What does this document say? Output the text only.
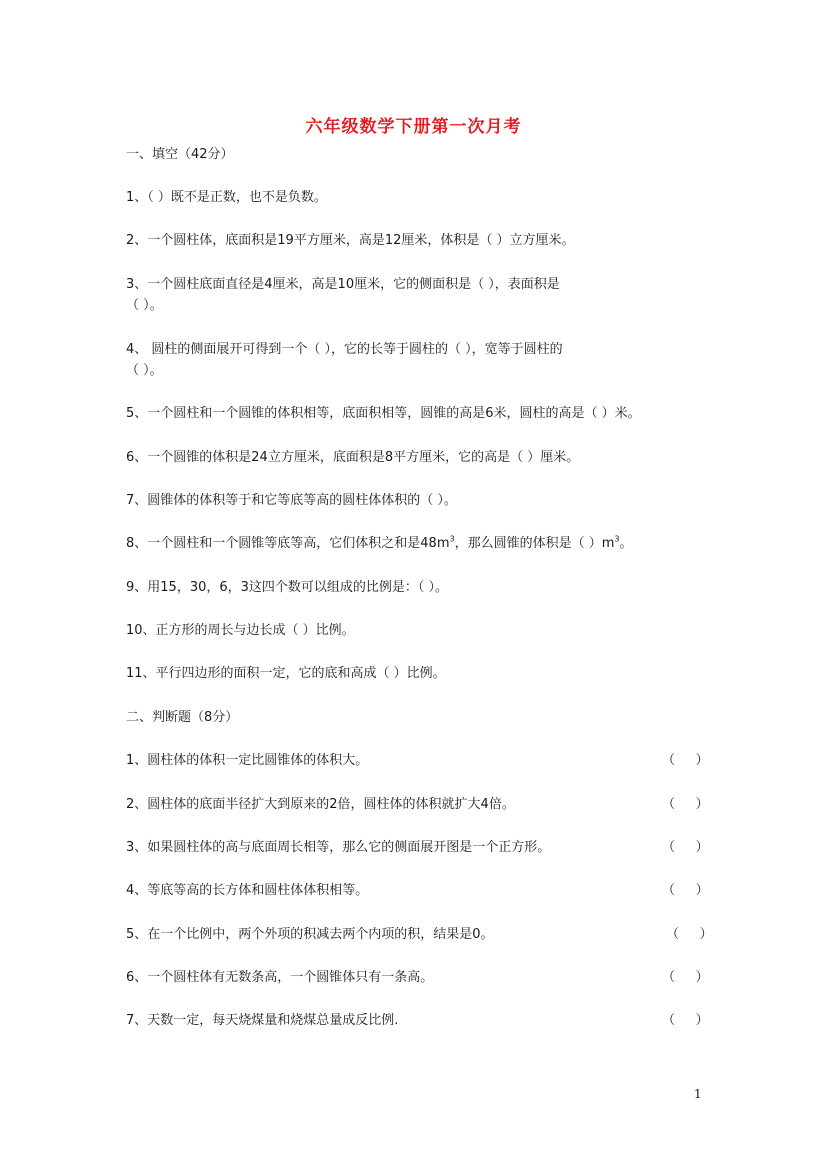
六年级数学下册第一次月考
一、填空（42分）
1、（ ）既不是正数，也不是负数。
2、一个圆柱体，底面积是19平方厘米，高是12厘米，体积是（ ）立方厘米。
3、一个圆柱底面直径是4厘米，高是10厘米，它的侧面积是（ ），表面积是
（ ）。
4、 圆柱的侧面展开可得到一个（ ），它的长等于圆柱的（ ），宽等于圆柱的
（ ）。
5、一个圆柱和一个圆锥的体积相等，底面积相等，圆锥的高是6米，圆柱的高是（ ）米。
6、一个圆锥的体积是24立方厘米，底面积是8平方厘米，它的高是（ ）厘米。
7、圆锥体的体积等于和它等底等高的圆柱体体积的（ ）。
8、一个圆柱和一个圆锥等底等高，它们体积之和是$48m^3$，那么圆锥的体积是（ ）$m^3$。
9、用15，30，6，3这四个数可以组成的比例是：（ ）。
10、正方形的周长与边长成（ ）比例。
11、平行四边形的面积一定，它的底和高成（ ）比例。
二、判断题（8分）
1、圆柱体的体积一定比圆锥体的体积大。	（     ）
2、圆柱体的底面半径扩大到原来的2倍，圆柱体的体积就扩大4倍。	（     ）
3、如果圆柱体的高与底面周长相等，那么它的侧面展开图是一个正方形。	（     ）
4、等底等高的长方体和圆柱体体积相等。	（     ）
5、在一个比例中，两个外项的积减去两个内项的积，结果是0。	（     ）
6、一个圆柱体有无数条高，一个圆锥体只有一条高。	（     ）
7、天数一定，每天烧煤量和烧煤总量成反比例.	（     ）
1
